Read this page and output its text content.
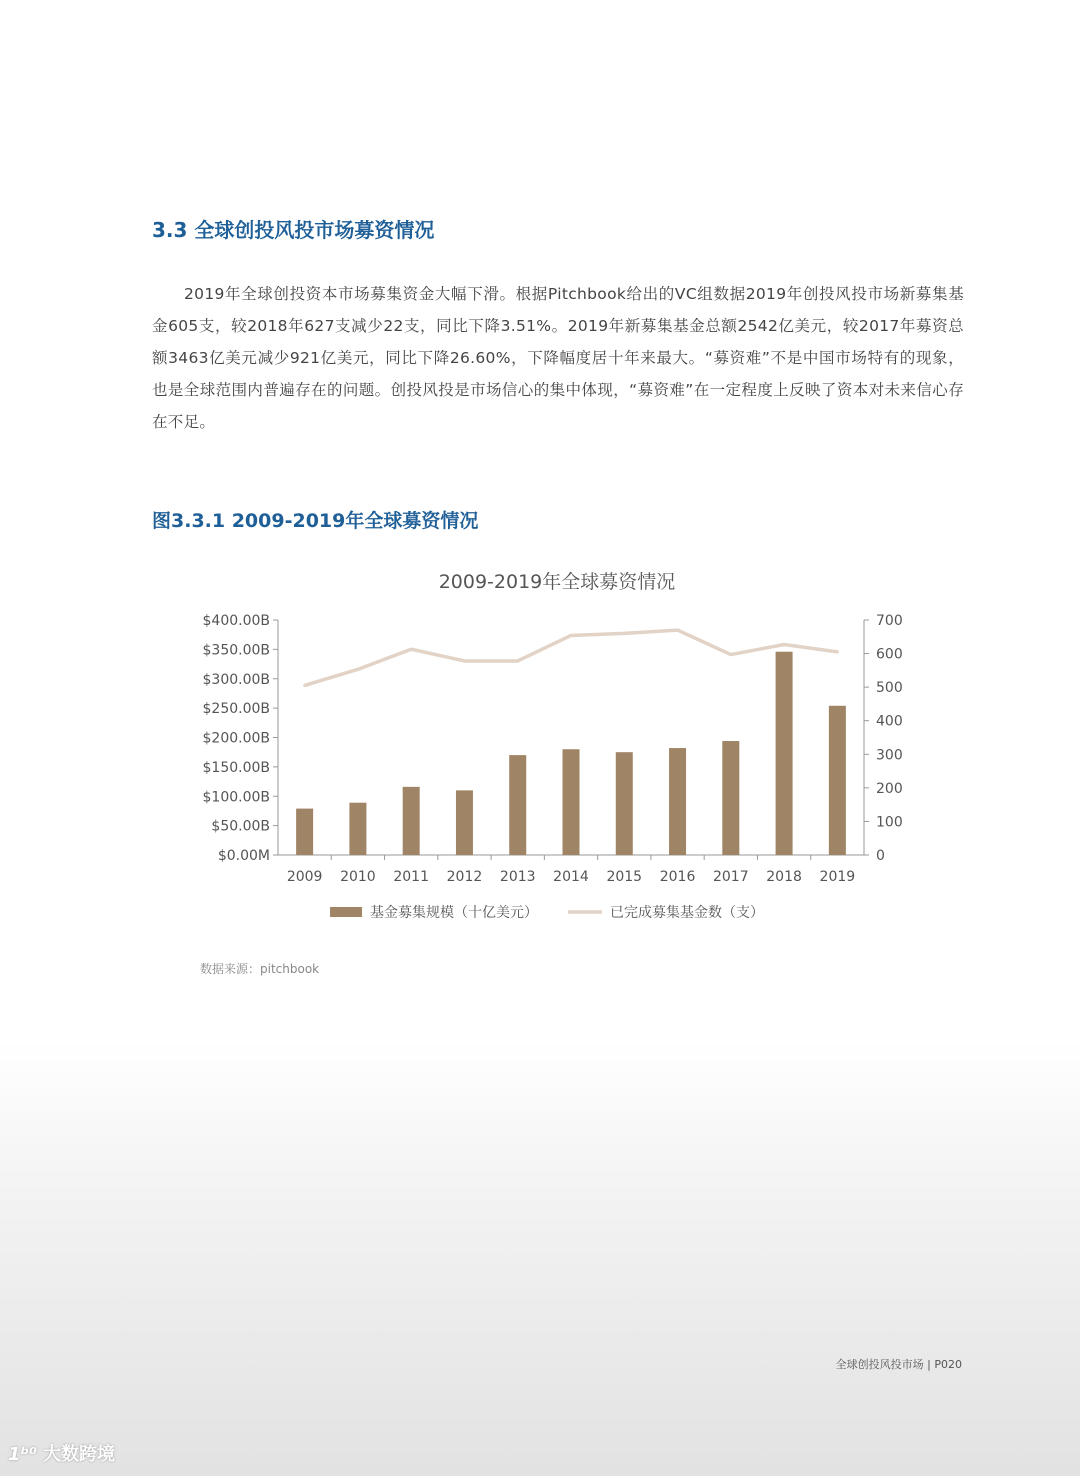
3.3 全球创投风投市场募资情况
2019年全球创投资本市场募集资金大幅下滑。根据Pitchbook给出的VC组数据2019年创投风投市场新募集基金605支，较2018年627支减少22支，同比下降3.51%。2019年新募集基金总额2542亿美元，较2017年募资总额3463亿美元减少921亿美元，同比下降26.60%，下降幅度居十年来最大。“募资难”不是中国市场特有的现象，也是全球范围内普遍存在的问题。创投风投是市场信心的集中体现，“募资难”在一定程度上反映了资本对未来信心存在不足。
图3.3.1 2009-2019年全球募资情况
2009-2019年全球募资情况
$0.00M
$50.00B
$100.00B
$150.00B
$200.00B
$250.00B
$300.00B
$350.00B
$400.00B
0
100
200
300
400
500
600
700
2009 2010 2011 2012 2013 2014 2015 2016 2017 2018 2019
基金募集规模（十亿美元）	已完成募集基金数（支）
数据来源：pitchbook
全球创投风投市场 | P020
1ᵇ⁰ 大数跨境
